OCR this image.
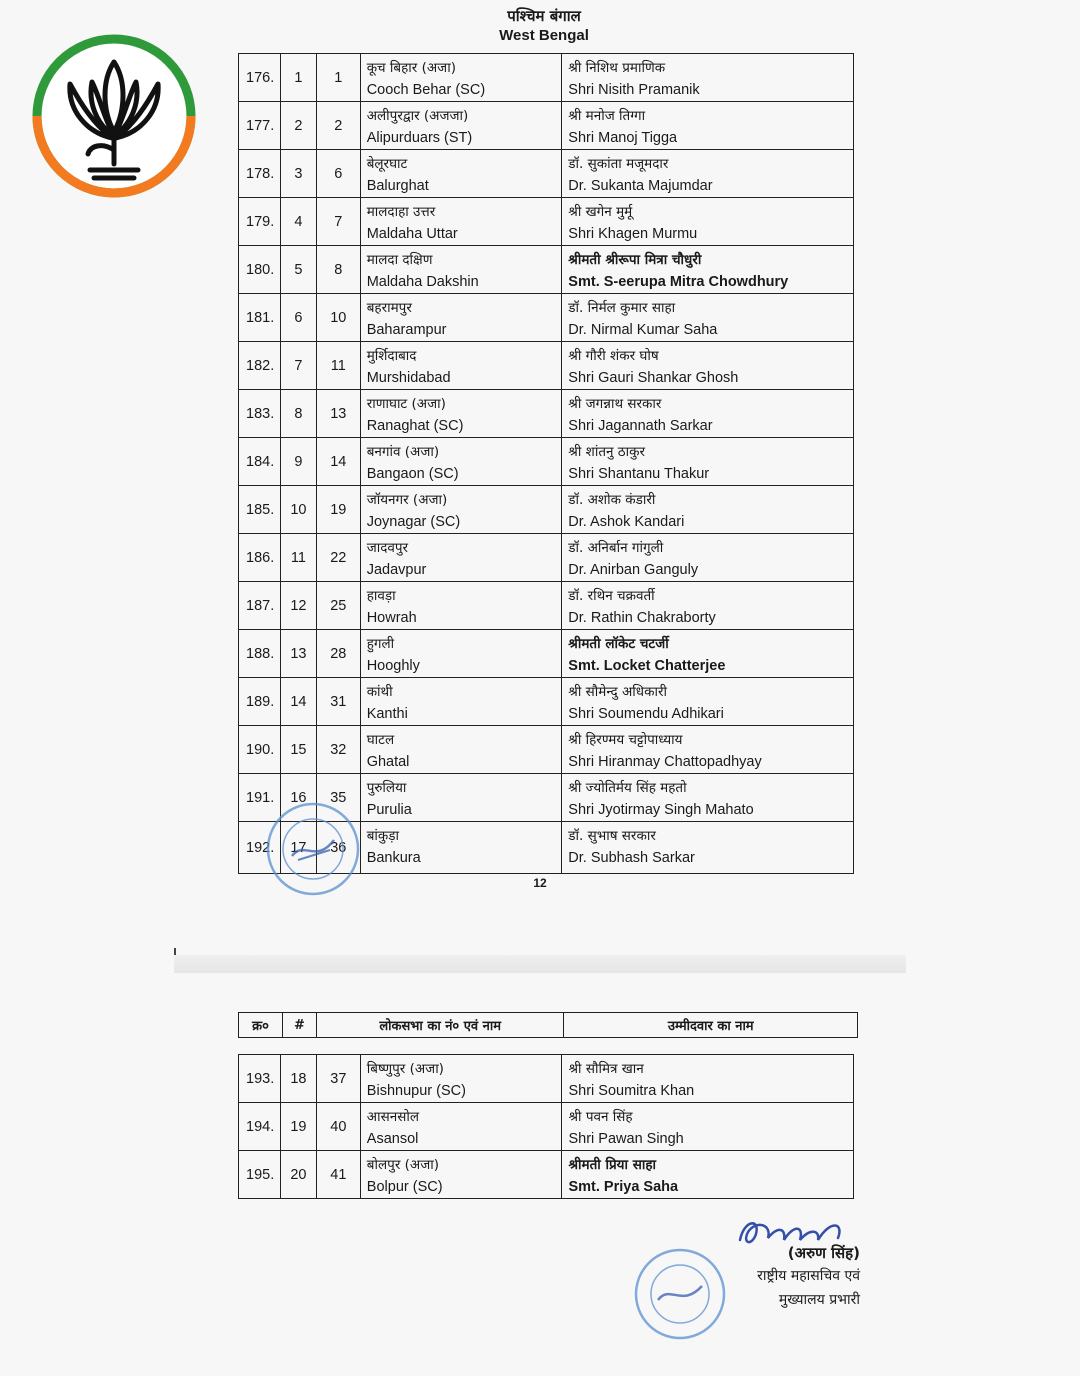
पश्चिम बंगाल
West Bengal
176.	1	1	कूच बिहार (अजा)
Cooch Behar (SC)	श्री निशिथ प्रमाणिक
Shri Nisith Pramanik

177.	2	2	अलीपुरद्वार (अजजा)
Alipurduars (ST)	श्री मनोज तिग्गा
Shri Manoj Tigga

178.	3	6	बेलूरघाट
Balurghat	डॉ. सुकांता मजूमदार
Dr. Sukanta Majumdar

179.	4	7	मालदाहा उत्तर
Maldaha Uttar	श्री खगेन मुर्मू
Shri Khagen Murmu

180.	5	8	मालदा दक्षिण
Maldaha Dakshin	श्रीमती श्रीरूपा मित्रा चौधुरी
Smt. S-eerupa Mitra Chowdhury

181.	6	10	बहरामपुर
Baharampur	डॉ. निर्मल कुमार साहा
Dr. Nirmal Kumar Saha

182.	7	11	मुर्शिदाबाद
Murshidabad	श्री गौरी शंकर घोष
Shri Gauri Shankar Ghosh

183.	8	13	राणाघाट (अजा)
Ranaghat (SC)	श्री जगन्नाथ सरकार
Shri Jagannath Sarkar

184.	9	14	बनगांव (अजा)
Bangaon (SC)	श्री शांतनु ठाकुर
Shri Shantanu Thakur

185.	10	19	जॉयनगर (अजा)
Joynagar (SC)	डॉ. अशोक कंडारी
Dr. Ashok Kandari

186.	11	22	जादवपुर
Jadavpur	डॉ. अनिर्बान गांगुली
Dr. Anirban Ganguly

187.	12	25	हावड़ा
Howrah	डॉ. रथिन चक्रवर्ती
Dr. Rathin Chakraborty

188.	13	28	हुगली
Hooghly	श्रीमती लॉकेट चटर्जी
Smt. Locket Chatterjee

189.	14	31	कांथी
Kanthi	श्री सौमेन्दु अधिकारी
Shri Soumendu Adhikari

190.	15	32	घाटल
Ghatal	श्री हिरण्मय चट्टोपाध्याय
Shri Hiranmay Chattopadhyay

191.	16	35	पुरुलिया
Purulia	श्री ज्योतिर्मय सिंह महतो
Shri Jyotirmay Singh Mahato

192.	17	36	बांकुड़ा
Bankura	डॉ. सुभाष सरकार
Dr. Subhash Sarkar
12
क्र०	#	लोकसभा का नं० एवं नाम	उम्मीदवार का नाम
193.	18	37	बिष्णुपुर (अजा)
Bishnupur (SC)	श्री सौमित्र खान
Shri Soumitra Khan

194.	19	40	आसनसोल
Asansol	श्री पवन सिंह
Shri Pawan Singh

195.	20	41	बोलपुर (अजा)
Bolpur (SC)	श्रीमती प्रिया साहा
Smt. Priya Saha
(अरुण सिंह)
राष्ट्रीय महासचिव एवं
मुख्यालय प्रभारी
